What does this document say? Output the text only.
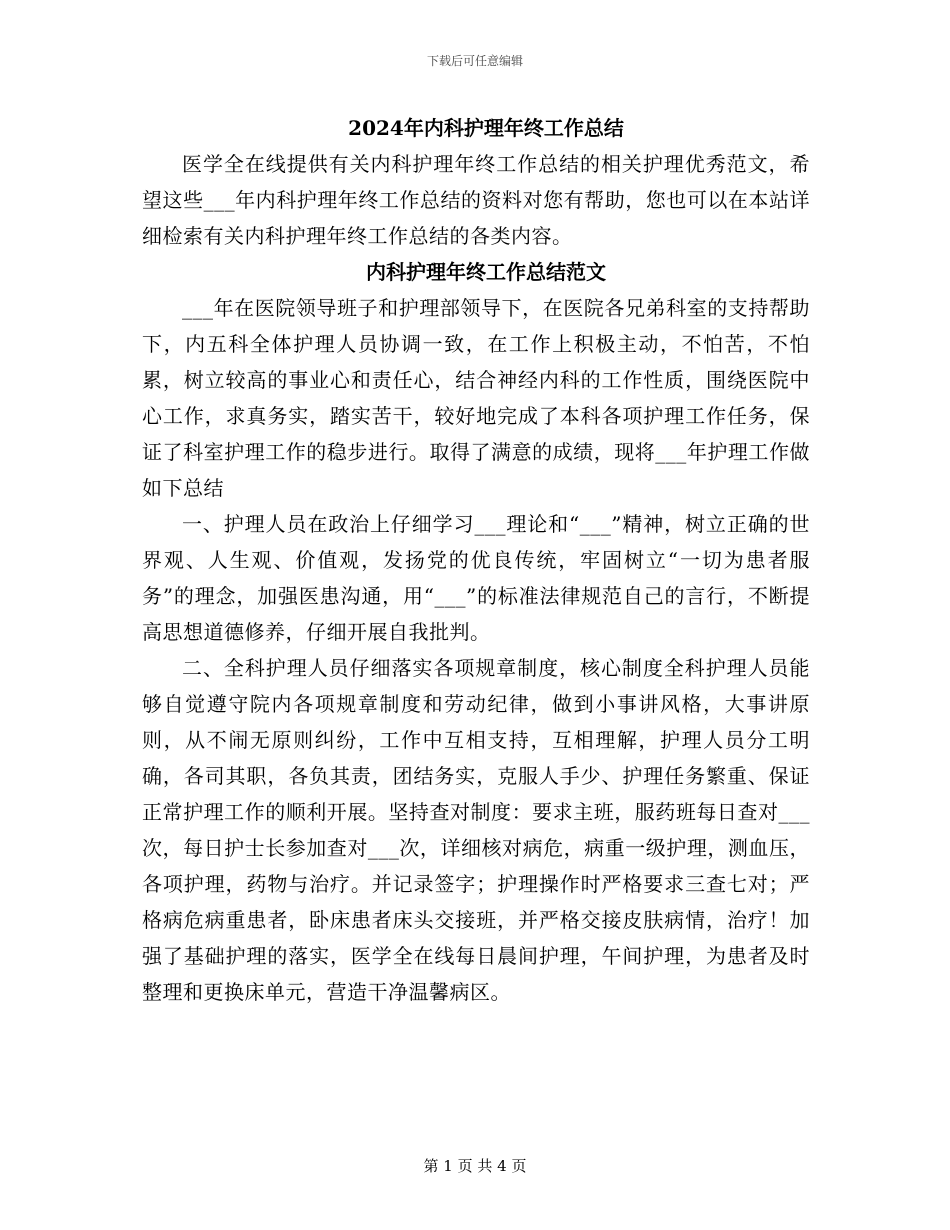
下载后可任意编辑
2024年内科护理年终工作总结

医学全在线提供有关内科护理年终工作总结的相关护理优秀范文，希望这些___年内科护理年终工作总结的资料对您有帮助，您也可以在本站详细检索有关内科护理年终工作总结的各类内容。

内科护理年终工作总结范文

___年在医院领导班子和护理部领导下，在医院各兄弟科室的支持帮助下，内五科全体护理人员协调一致，在工作上积极主动，不怕苦，不怕累，树立较高的事业心和责任心，结合神经内科的工作性质，围绕医院中心工作，求真务实，踏实苦干，较好地完成了本科各项护理工作任务，保证了科室护理工作的稳步进行。取得了满意的成绩，现将___年护理工作做如下总结

一、护理人员在政治上仔细学习___理论和“___”精神，树立正确的世界观、人生观、价值观，发扬党的优良传统，牢固树立“一切为患者服务”的理念，加强医患沟通，用“___”的标准法律规范自己的言行，不断提高思想道德修养，仔细开展自我批判。

二、全科护理人员仔细落实各项规章制度，核心制度全科护理人员能够自觉遵守院内各项规章制度和劳动纪律，做到小事讲风格，大事讲原则，从不闹无原则纠纷，工作中互相支持，互相理解，护理人员分工明确，各司其职，各负其责，团结务实，克服人手少、护理任务繁重、保证正常护理工作的顺利开展。坚持查对制度：要求主班，服药班每日查对___次，每日护士长参加查对___次，详细核对病危，病重一级护理，测血压，各项护理，药物与治疗。并记录签字；护理操作时严格要求三查七对；严格病危病重患者，卧床患者床头交接班，并严格交接皮肤病情，治疗！加强了基础护理的落实，医学全在线每日晨间护理，午间护理，为患者及时整理和更换床单元，营造干净温馨病区。

第 1 页 共 4 页
